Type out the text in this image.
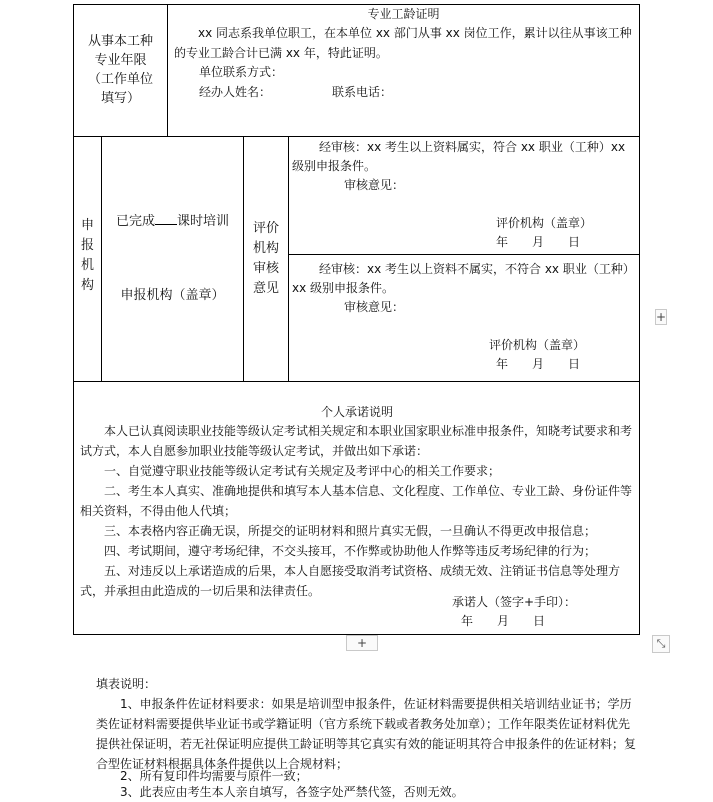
从事本工种
专业年限
（工作单位
填写）
专业工龄证明
xx 同志系我单位职工，在本单位 xx 部门从事 xx 岗位工作，累计以往从事该工种的专业工龄合计已满 xx 年，特此证明。
单位联系方式：
经办人姓名：	联系电话：
申
报
机
构
已完成 课时培训
申报机构（盖章）
评价
机构
审核
意见
经审核：xx 考生以上资料属实，符合 xx 职业（工种）xx 级别申报条件。
审核意见：
评价机构（盖章）
年　　月　　日
经审核：xx 考生以上资料不属实，不符合 xx 职业（工种）xx 级别申报条件。
审核意见：
评价机构（盖章）
年　　月　　日
个人承诺说明
本人已认真阅读职业技能等级认定考试相关规定和本职业国家职业标准申报条件，知晓考试要求和考试方式，本人自愿参加职业技能等级认定考试，并做出如下承诺：
一、自觉遵守职业技能等级认定考试有关规定及考评中心的相关工作要求；
二、考生本人真实、准确地提供和填写本人基本信息、文化程度、工作单位、专业工龄、身份证件等相关资料，不得由他人代填；
三、本表格内容正确无误，所提交的证明材料和照片真实无假，一旦确认不得更改申报信息；
四、考试期间，遵守考场纪律，不交头接耳，不作弊或协助他人作弊等违反考场纪律的行为；
五、对违反以上承诺造成的后果，本人自愿接受取消考试资格、成绩无效、注销证书信息等处理方式，并承担由此造成的一切后果和法律责任。
承诺人（签字+手印）：
年　　月　　日
+
+	⤡
填表说明：
1、申报条件佐证材料要求：如果是培训型申报条件，佐证材料需要提供相关培训结业证书；学历类佐证材料需要提供毕业证书或学籍证明（官方系统下载或者教务处加章）；工作年限类佐证材料优先提供社保证明，若无社保证明应提供工龄证明等其它真实有效的能证明其符合申报条件的佐证材料；复合型佐证材料根据具体条件提供以上合规材料；
2、所有复印件均需要与原件一致；
3、此表应由考生本人亲自填写，各签字处严禁代签，否则无效。
